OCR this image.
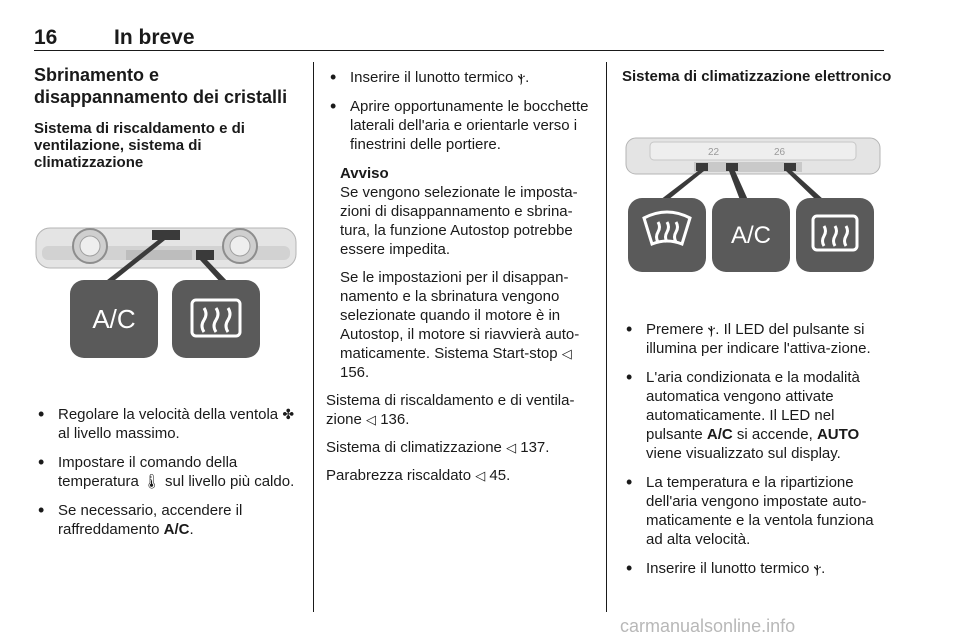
16	In breve
Sbrinamento e disappannamento dei cristalli
Sistema di riscaldamento e di ventilazione, sistema di climatizzazione
A/C
• Regolare la velocità della ventola ✤ al livello massimo.
• Impostare il comando della temperatura 🌡 sul livello più caldo.
• Se necessario, accendere il raffreddamento A/C.
• Inserire il lunotto termico ⲯ.
• Aprire opportunamente le bocchette laterali dell'aria e orientarle verso i finestrini delle portiere.
Avviso

Se vengono selezionate le imposta-zioni di disappannamento e sbrina-tura, la funzione Autostop potrebbe essere impedita.

Se le impostazioni per il disappan-namento e la sbrinatura vengono selezionate quando il motore è in Autostop, il motore si riavvierà auto-maticamente. Sistema Start-stop ◁ 156.

Sistema di riscaldamento e di ventila-zione ◁ 136.

Sistema di climatizzazione ◁ 137.

Parabrezza riscaldato ◁ 45.

Sistema di climatizzazione elettronico
22	26
A/C
• Premere ⲯ. Il LED del pulsante si illumina per indicare l'attiva-zione.
• L'aria condizionata e la modalità automatica vengono attivate automaticamente. Il LED nel pulsante A/C si accende, AUTO viene visualizzato sul display.
• La temperatura e la ripartizione dell'aria vengono impostate auto-maticamente e la ventola funziona ad alta velocità.
• Inserire il lunotto termico ⲯ.
carmanualsonline.info
